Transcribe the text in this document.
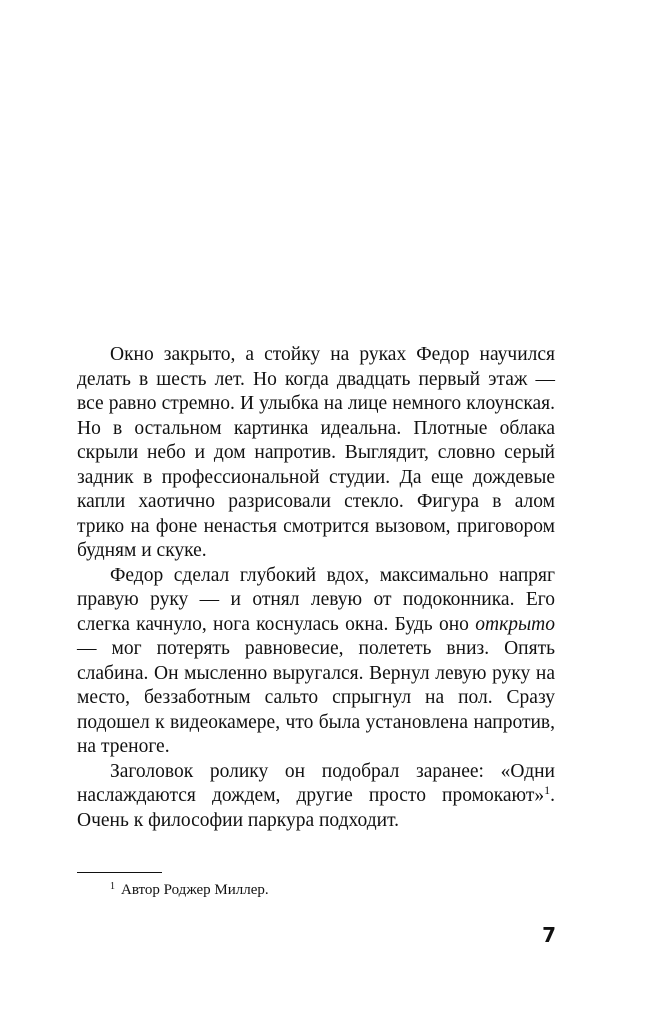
Окно закрыто, а стойку на руках Федор научился делать в шесть лет. Но когда двадцать первый этаж — все равно стремно. И улыбка на лице немного клоунская. Но в остальном картинка идеальна. Плотные облака скрыли небо и дом напротив. Выглядит, словно серый задник в профессиональной студии. Да еще дождевые капли хаотично разрисовали стекло. Фигура в алом трико на фоне ненастья смотрится вызовом, приговором будням и скуке.

Федор сделал глубокий вдох, максимально напряг правую руку — и отнял левую от подоконника. Его слегка качнуло, нога коснулась окна. Будь оно открыто — мог потерять равновесие, полететь вниз. Опять слабина. Он мысленно выругался. Вернул левую руку на место, беззаботным сальто спрыгнул на пол. Сразу подошел к видеокамере, что была установлена напротив, на треноге.

Заголовок ролику он подобрал заранее: «Одни наслаждаются дождем, другие просто промокают»$^1$. Очень к философии паркура подходит.

$^1$ Автор Роджер Миллер.
7
